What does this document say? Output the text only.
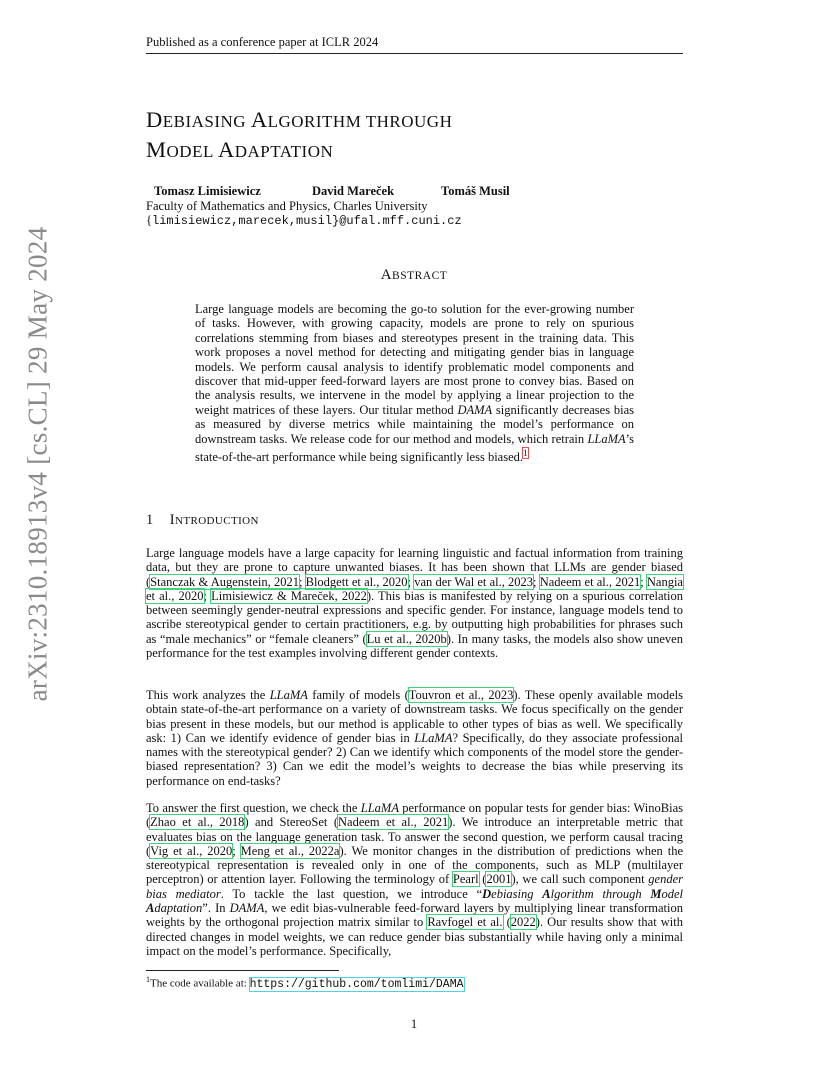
Published as a conference paper at ICLR 2024
arXiv:2310.18913v4 [cs.CL] 29 May 2024
DEBIASING ALGORITHM THROUGH
MODEL ADAPTATION
Tomasz Limisiewicz	David Mareček	Tomáš Musil
Faculty of Mathematics and Physics, Charles University
{limisiewicz,marecek,musil}@ufal.mff.cuni.cz
ABSTRACT
Large language models are becoming the go-to solution for the ever-growing number of tasks. However, with growing capacity, models are prone to rely on spurious correlations stemming from biases and stereotypes present in the training data. This work proposes a novel method for detecting and mitigating gender bias in language models. We perform causal analysis to identify problematic model components and discover that mid-upper feed-forward layers are most prone to convey bias. Based on the analysis results, we intervene in the model by applying a linear projection to the weight matrices of these layers. Our titular method DAMA significantly decreases bias as measured by diverse metrics while maintaining the model’s performance on downstream tasks. We release code for our method and models, which retrain LLaMA’s state-of-the-art performance while being significantly less biased.$^1$
1 INTRODUCTION
Large language models have a large capacity for learning linguistic and factual information from training data, but they are prone to capture unwanted biases. It has been shown that LLMs are gender biased (Stanczak & Augenstein, 2021; Blodgett et al., 2020; van der Wal et al., 2023; Nadeem et al., 2021; Nangia et al., 2020; Limisiewicz & Mareček, 2022). This bias is manifested by relying on a spurious correlation between seemingly gender-neutral expressions and specific gender. For instance, language models tend to ascribe stereotypical gender to certain practitioners, e.g. by outputting high probabilities for phrases such as “male mechanics” or “female cleaners” (Lu et al., 2020b). In many tasks, the models also show uneven performance for the test examples involving different gender contexts.
This work analyzes the LLaMA family of models (Touvron et al., 2023). These openly available models obtain state-of-the-art performance on a variety of downstream tasks. We focus specifically on the gender bias present in these models, but our method is applicable to other types of bias as well. We specifically ask: 1) Can we identify evidence of gender bias in LLaMA? Specifically, do they associate professional names with the stereotypical gender? 2) Can we identify which components of the model store the gender-biased representation? 3) Can we edit the model’s weights to decrease the bias while preserving its performance on end-tasks?
To answer the first question, we check the LLaMA performance on popular tests for gender bias: WinoBias (Zhao et al., 2018) and StereoSet (Nadeem et al., 2021). We introduce an interpretable metric that evaluates bias on the language generation task. To answer the second question, we perform causal tracing (Vig et al., 2020; Meng et al., 2022a). We monitor changes in the distribution of predictions when the stereotypical representation is revealed only in one of the components, such as MLP (multilayer perceptron) or attention layer. Following the terminology of Pearl (2001), we call such component gender bias mediator. To tackle the last question, we introduce “Debiasing Algorithm through Model Adaptation”. In DAMA, we edit bias-vulnerable feed-forward layers by multiplying linear transformation weights by the orthogonal projection matrix similar to Ravfogel et al. (2022). Our results show that with directed changes in model weights, we can reduce gender bias substantially while having only a minimal impact on the model’s performance. Specifically,
$^1$The code available at: https://github.com/tomlimi/DAMA
1
